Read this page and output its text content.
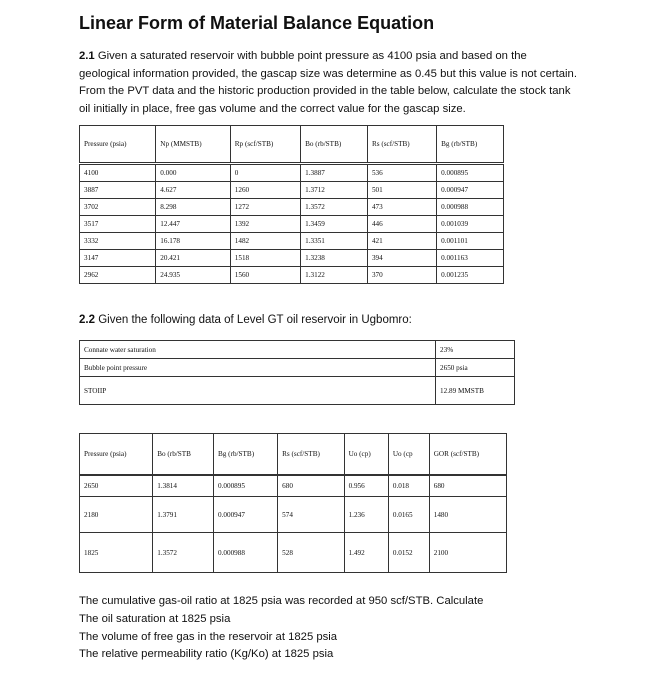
Linear Form of Material Balance Equation
2.1 Given a saturated reservoir with bubble point pressure as 4100 psia and based on the geological information provided, the gascap size was determine as 0.45 but this value is not certain. From the PVT data and the historic production provided in the table below, calculate the stock tank oil initially in place, free gas volume and the correct value for the gascap size.
Pressure (psia)	Np (MMSTB)	Rp (scf/STB)	Bo (rb/STB)	Rs (scf/STB)	Bg (rb/STB)
4100	0.000	0	1.3887	536	0.000895
3887	4.627	1260	1.3712	501	0.000947
3702	8.298	1272	1.3572	473	0.000988
3517	12.447	1392	1.3459	446	0.001039
3332	16.178	1482	1.3351	421	0.001101
3147	20.421	1518	1.3238	394	0.001163
2962	24.935	1560	1.3122	370	0.001235
2.2 Given the following data of Level GT oil reservoir in Ugbomro:
Connate water saturation	23%
Bubble point pressure	2650 psia
STOIIP	12.89 MMSTB
Pressure (psia)	Bo (rb/STB	Bg (rb/STB)	Rs (scf/STB)	Uo (cp)	Uo (cp	GOR (scf/STB)
2650	1.3814	0.000895	680	0.956	0.018	680
2180	1.3791	0.000947	574	1.236	0.0165	1480
1825	1.3572	0.000988	528	1.492	0.0152	2100
The cumulative gas-oil ratio at 1825 psia was recorded at 950 scf/STB. Calculate
The oil saturation at 1825 psia
The volume of free gas in the reservoir at 1825 psia
The relative permeability ratio (Kg/Ko) at 1825 psia
